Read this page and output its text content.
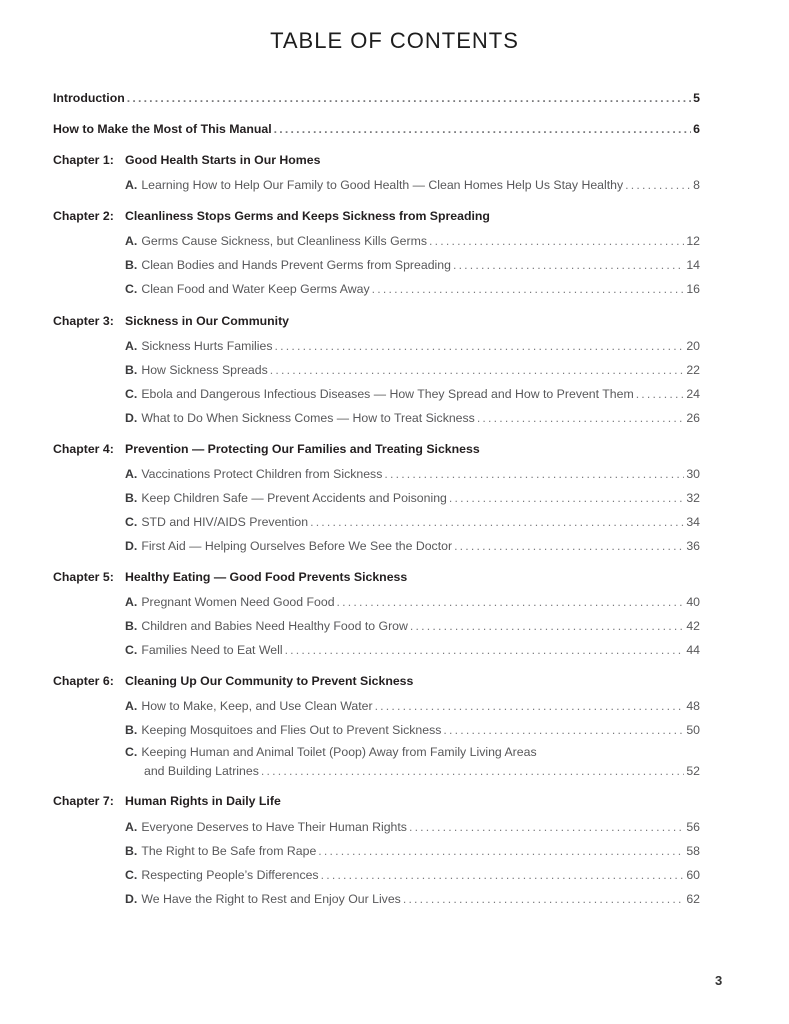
TABLE OF CONTENTS
Introduction .....	5
How to Make the Most of This Manual .....	6
Chapter 1: Good Health Starts in Our Homes
A. Learning How to Help Our Family to Good Health — Clean Homes Help Us Stay Healthy .....	8
Chapter 2: Cleanliness Stops Germs and Keeps Sickness from Spreading
A. Germs Cause Sickness, but Cleanliness Kills Germs .....	12
B. Clean Bodies and Hands Prevent Germs from Spreading .....	14
C. Clean Food and Water Keep Germs Away .....	16
Chapter 3: Sickness in Our Community
A. Sickness Hurts Families .....	20
B. How Sickness Spreads .....	22
C. Ebola and Dangerous Infectious Diseases — How They Spread and How to Prevent Them .....	24
D. What to Do When Sickness Comes — How to Treat Sickness .....	26
Chapter 4: Prevention — Protecting Our Families and Treating Sickness
A. Vaccinations Protect Children from Sickness .....	30
B. Keep Children Safe — Prevent Accidents and Poisoning .....	32
C. STD and HIV/AIDS Prevention .....	34
D. First Aid — Helping Ourselves Before We See the Doctor .....	36
Chapter 5: Healthy Eating — Good Food Prevents Sickness
A. Pregnant Women Need Good Food .....	40
B. Children and Babies Need Healthy Food to Grow .....	42
C. Families Need to Eat Well .....	44
Chapter 6: Cleaning Up Our Community to Prevent Sickness
A. How to Make, Keep, and Use Clean Water .....	48
B. Keeping Mosquitoes and Flies Out to Prevent Sickness .....	50
C. Keeping Human and Animal Toilet (Poop) Away from Family Living Areas
and Building Latrines .....	52
Chapter 7: Human Rights in Daily Life
A. Everyone Deserves to Have Their Human Rights .....	56
B. The Right to Be Safe from Rape .....	58
C. Respecting People’s Differences .....	60
D. We Have the Right to Rest and Enjoy Our Lives .....	62
3
